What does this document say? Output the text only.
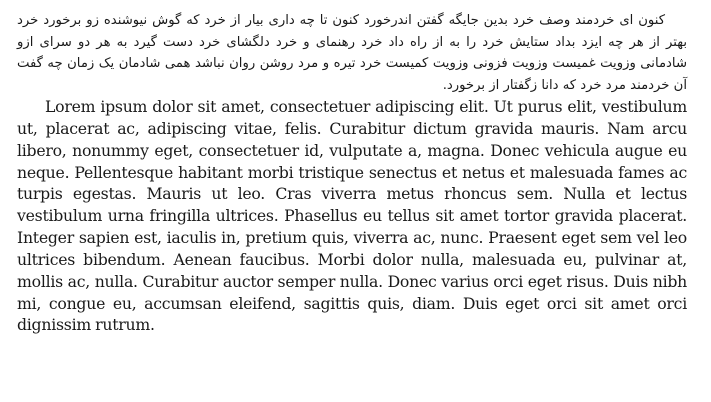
کنون ای خردمند وصف خرد بدین جایگه گفتن اندرخورد کنون تا چه داری بیار از خرد که گوش نیوشنده زو برخورد خرد بهتر از هر چه ایزد بداد ستایش خرد را به از راه داد خرد رهنمای و خرد دلگشای خرد دست گیرد به هر دو سرای ازو شادمانی وزویت غمیست وزویت فزونی وزویت کمیست خرد تیره و مرد روشن روان نباشد همی شادمان یک زمان چه گفت آن خردمند مرد خرد که دانا زگفتار از برخورد.

Lorem ipsum dolor sit amet, consectetuer adipiscing elit. Ut purus elit, vestibulum ut, placerat ac, adipiscing vitae, felis. Curabitur dictum gravida mauris. Nam arcu libero, nonummy eget, consectetuer id, vulputate a, magna. Donec vehicula augue eu neque. Pellentesque habitant morbi tristique senectus et netus et malesuada fames ac turpis egestas. Mauris ut leo. Cras viverra metus rhoncus sem. Nulla et lectus vestibulum urna fringilla ultrices. Phasellus eu tellus sit amet tortor gravida placerat. Integer sapien est, iaculis in, pretium quis, viverra ac, nunc. Praesent eget sem vel leo ultrices bibendum. Aenean faucibus. Morbi dolor nulla, malesuada eu, pulvinar at, mollis ac, nulla. Curabitur auctor semper nulla. Donec varius orci eget risus. Duis nibh mi, congue eu, accumsan eleifend, sagittis quis, diam. Duis eget orci sit amet orci dignissim rutrum.
